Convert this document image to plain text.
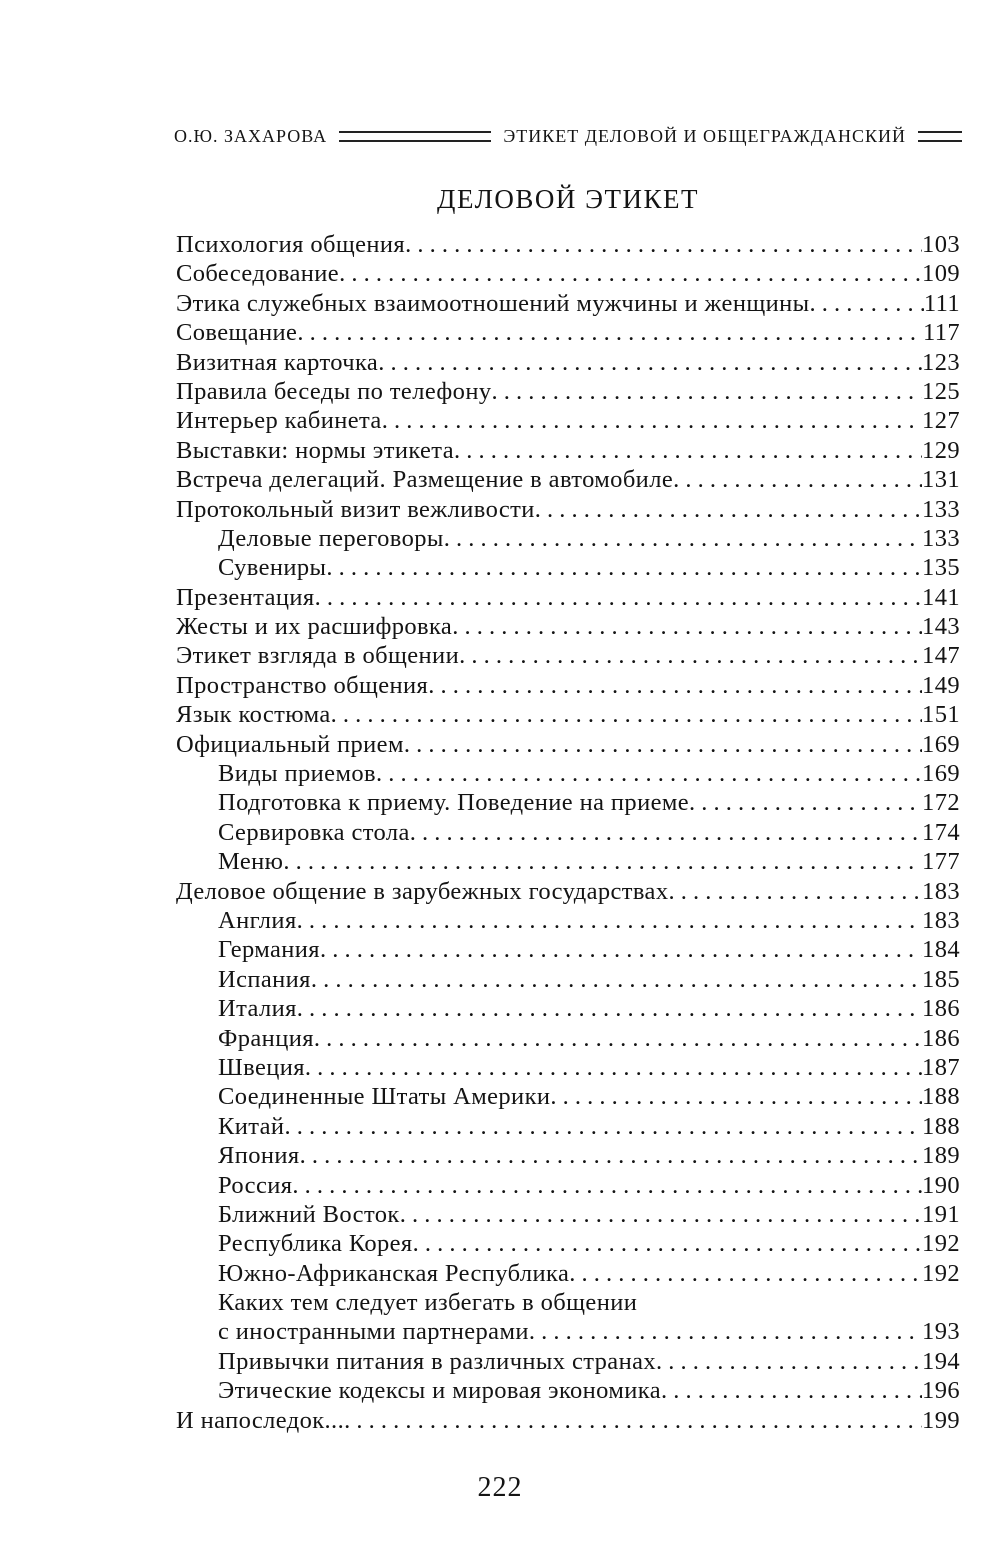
О.Ю. ЗАХАРОВА	ЭТИКЕТ ДЕЛОВОЙ И ОБЩЕГРАЖДАНСКИЙ
ДЕЛОВОЙ ЭТИКЕТ
Психология общения . . .	103
Собеседование . . .	109
Этика служебных взаимоотношений мужчины и женщины . . .	111
Совещание . . .	117
Визитная карточка . . .	123
Правила беседы по телефону . . .	125
Интерьер кабинета . . .	127
Выставки: нормы этикета . . .	129
Встреча делегаций. Размещение в автомобиле . . .	131
Протокольный визит вежливости . . .	133
Деловые переговоры . . .	133
Сувениры . . .	135
Презентация . . .	141
Жесты и их расшифровка . . .	143
Этикет взгляда в общении . . .	147
Пространство общения . . .	149
Язык костюма . . .	151
Официальный прием . . .	169
Виды приемов . . .	169
Подготовка к приему. Поведение на приеме . . .	172
Сервировка стола . . .	174
Меню . . .	177
Деловое общение в зарубежных государствах . . .	183
Англия . . .	183
Германия . . .	184
Испания . . .	185
Италия . . .	186
Франция . . .	186
Швеция . . .	187
Соединенные Штаты Америки . . .	188
Китай . . .	188
Япония . . .	189
Россия . . .	190
Ближний Восток . . .	191
Республика Корея . . .	192
Южно-Африканская Республика . . .	192
Каких тем следует избегать в общении
с иностранными партнерами . . .	193
Привычки питания в различных странах . . .	194
Этические кодексы и мировая экономика . . .	196
И напоследок... . . .	199
222
